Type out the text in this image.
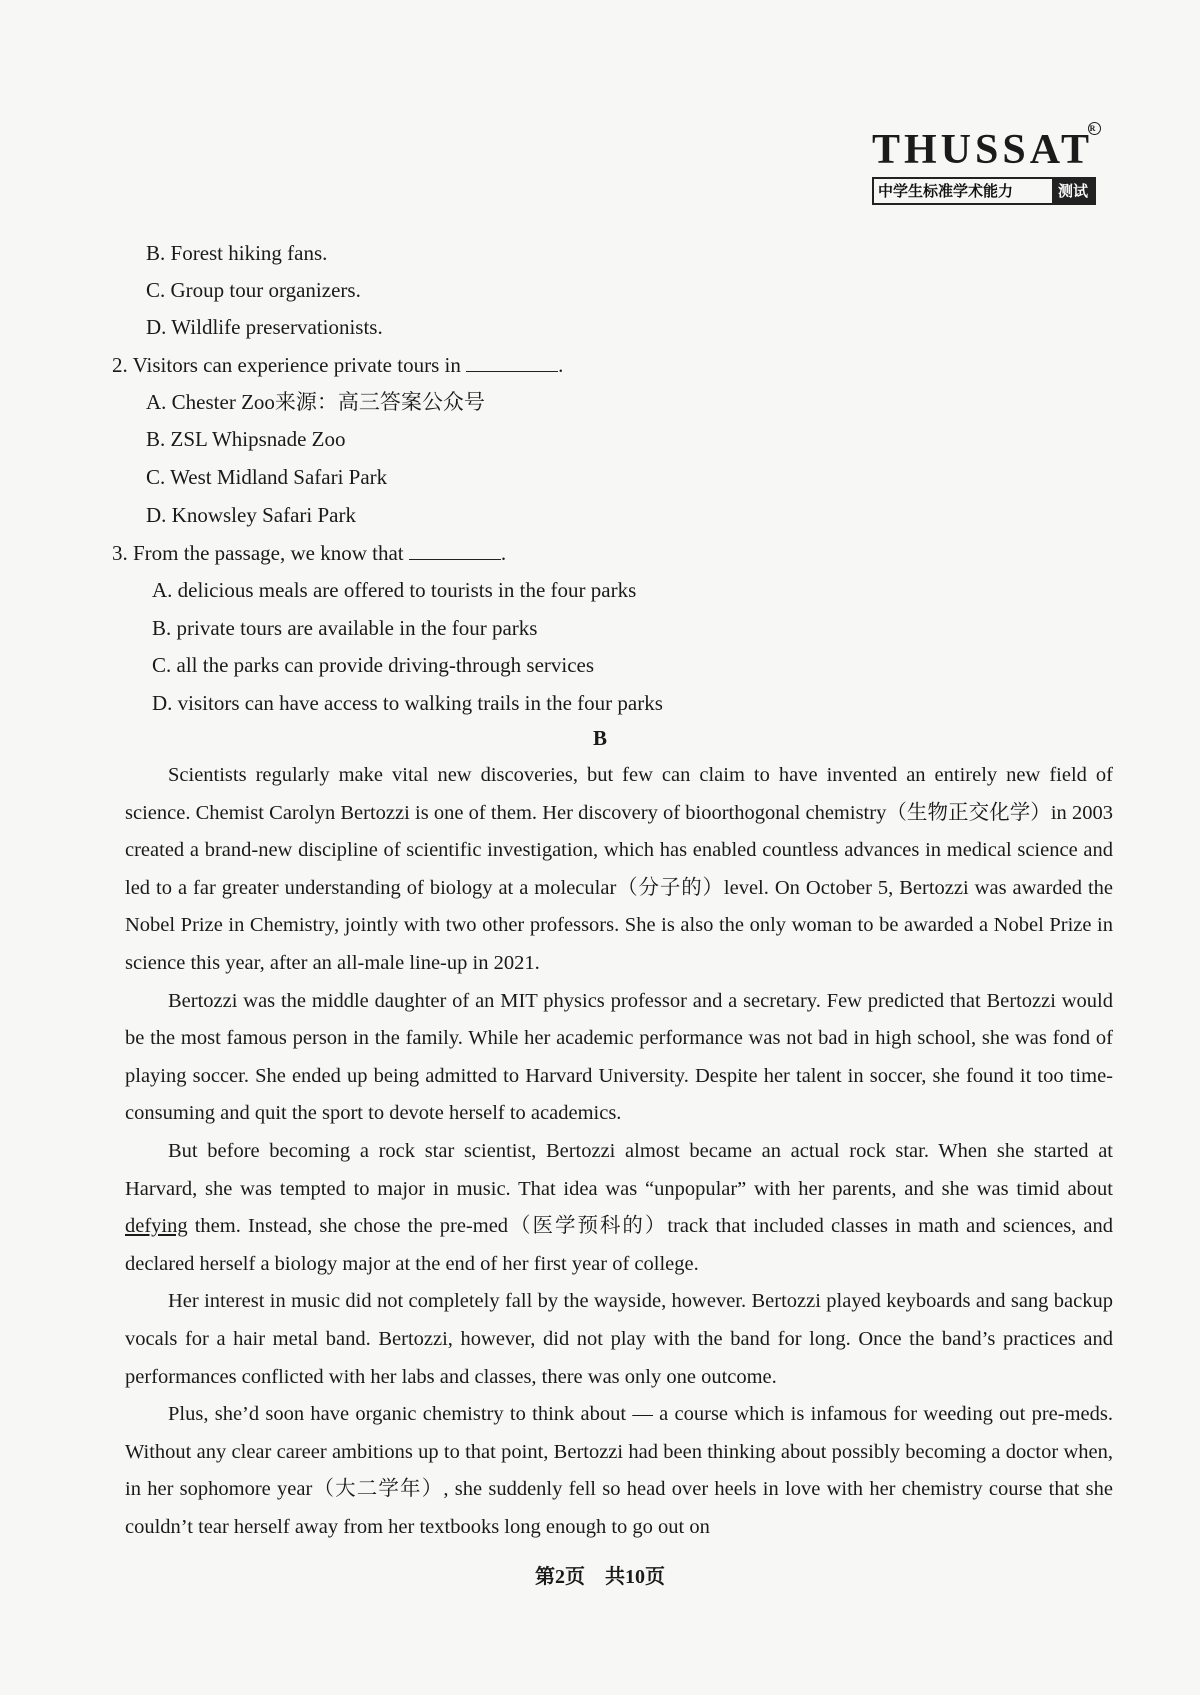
THUSSAT
R
中学生标准学术能力	测试
B. Forest hiking fans.
C. Group tour organizers.
D. Wildlife preservationists.
2. Visitors can experience private tours in	.
A. Chester Zoo来源：高三答案公众号
B. ZSL Whipsnade Zoo
C. West Midland Safari Park
D. Knowsley Safari Park
3. From the passage, we know that	.
A. delicious meals are offered to tourists in the four parks
B. private tours are available in the four parks
C. all the parks can provide driving-through services
D. visitors can have access to walking trails in the four parks
B

Scientists regularly make vital new discoveries, but few can claim to have invented an entirely new field of science. Chemist Carolyn Bertozzi is one of them. Her discovery of bioorthogonal chemistry（生物正交化学）in 2003 created a brand-new discipline of scientific investigation, which has enabled countless advances in medical science and led to a far greater understanding of biology at a molecular（分子的）level. On October 5, Bertozzi was awarded the Nobel Prize in Chemistry, jointly with two other professors. She is also the only woman to be awarded a Nobel Prize in science this year, after an all-male line-up in 2021.

Bertozzi was the middle daughter of an MIT physics professor and a secretary. Few predicted that Bertozzi would be the most famous person in the family. While her academic performance was not bad in high school, she was fond of playing soccer. She ended up being admitted to Harvard University. Despite her talent in soccer, she found it too time-consuming and quit the sport to devote herself to academics.

But before becoming a rock star scientist, Bertozzi almost became an actual rock star. When she started at Harvard, she was tempted to major in music. That idea was “unpopular” with her parents, and she was timid about defying them. Instead, she chose the pre-med（医学预科的）track that included classes in math and sciences, and declared herself a biology major at the end of her first year of college.

Her interest in music did not completely fall by the wayside, however. Bertozzi played keyboards and sang backup vocals for a hair metal band. Bertozzi, however, did not play with the band for long. Once the band’s practices and performances conflicted with her labs and classes, there was only one outcome.

Plus, she’d soon have organic chemistry to think about — a course which is infamous for weeding out pre-meds. Without any clear career ambitions up to that point, Bertozzi had been thinking about possibly becoming a doctor when, in her sophomore year（大二学年）, she suddenly fell so head over heels in love with her chemistry course that she couldn’t tear herself away from her textbooks long enough to go out on

第2页　共10页
